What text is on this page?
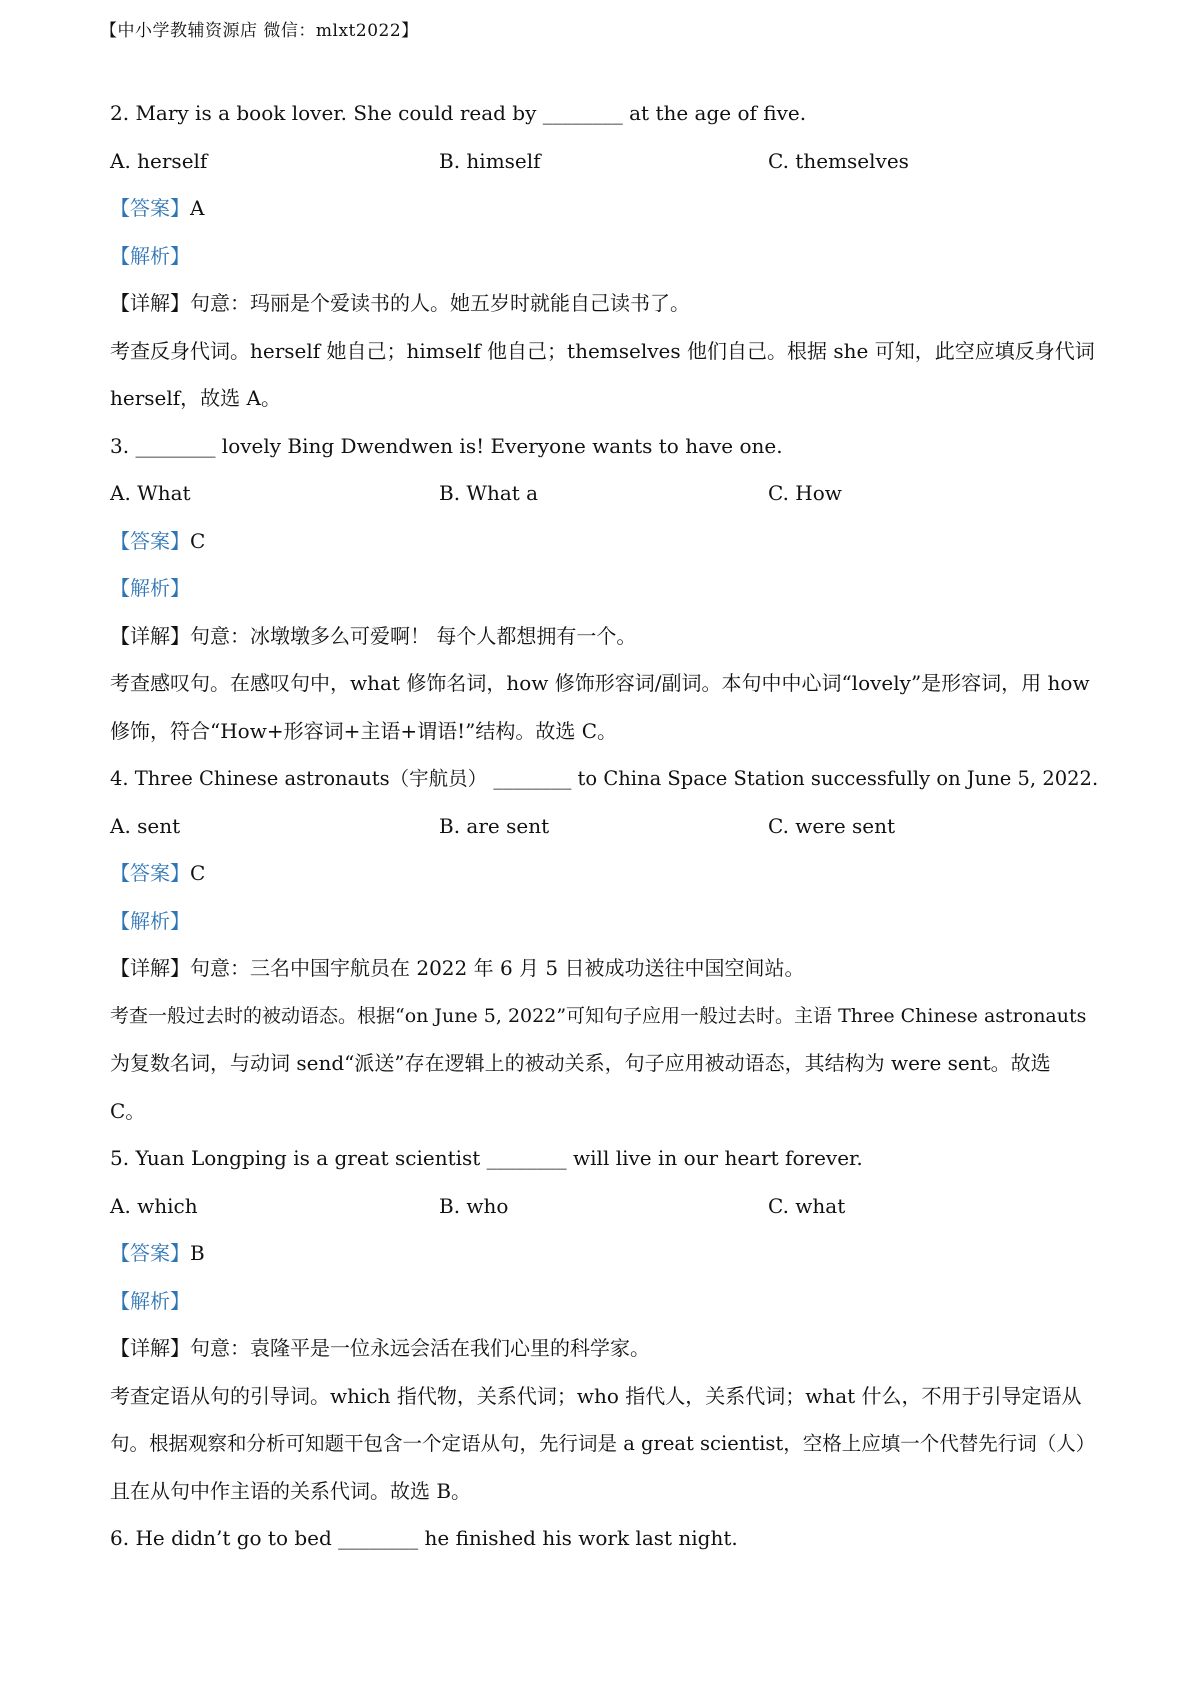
【中小学教辅资源店 微信：mlxt2022】
2. Mary is a book lover. She could read by ________ at the age of five.
A. herself	B. himself	C. themselves
【答案】A
【解析】
【详解】句意：玛丽是个爱读书的人。她五岁时就能自己读书了。
考查反身代词。herself 她自己；himself 他自己；themselves 他们自己。根据 she 可知，此空应填反身代词
herself，故选 A。
3. ________ lovely Bing Dwendwen is! Everyone wants to have one.
A. What	B. What a	C. How
【答案】C
【解析】
【详解】句意：冰墩墩多么可爱啊！ 每个人都想拥有一个。
考查感叹句。在感叹句中，what 修饰名词，how 修饰形容词/副词。本句中中心词“lovely”是形容词，用 how
修饰，符合“How+形容词+主语+谓语!”结构。故选 C。
4. Three Chinese astronauts（宇航员） ________ to China Space Station successfully on June 5, 2022.
A. sent	B. are sent	C. were sent
【答案】C
【解析】
【详解】句意：三名中国宇航员在 2022 年 6 月 5 日被成功送往中国空间站。
考查一般过去时的被动语态。根据“on June 5, 2022”可知句子应用一般过去时。主语 Three Chinese astronauts
为复数名词，与动词 send“派送”存在逻辑上的被动关系，句子应用被动语态，其结构为 were sent。故选
C。
5. Yuan Longping is a great scientist ________ will live in our heart forever.
A. which	B. who	C. what
【答案】B
【解析】
【详解】句意：袁隆平是一位永远会活在我们心里的科学家。
考查定语从句的引导词。which 指代物，关系代词；who 指代人，关系代词；what 什么，不用于引导定语从
句。根据观察和分析可知题干包含一个定语从句，先行词是 a great scientist，空格上应填一个代替先行词（人）
且在从句中作主语的关系代词。故选 B。
6. He didn’t go to bed ________ he finished his work last night.
